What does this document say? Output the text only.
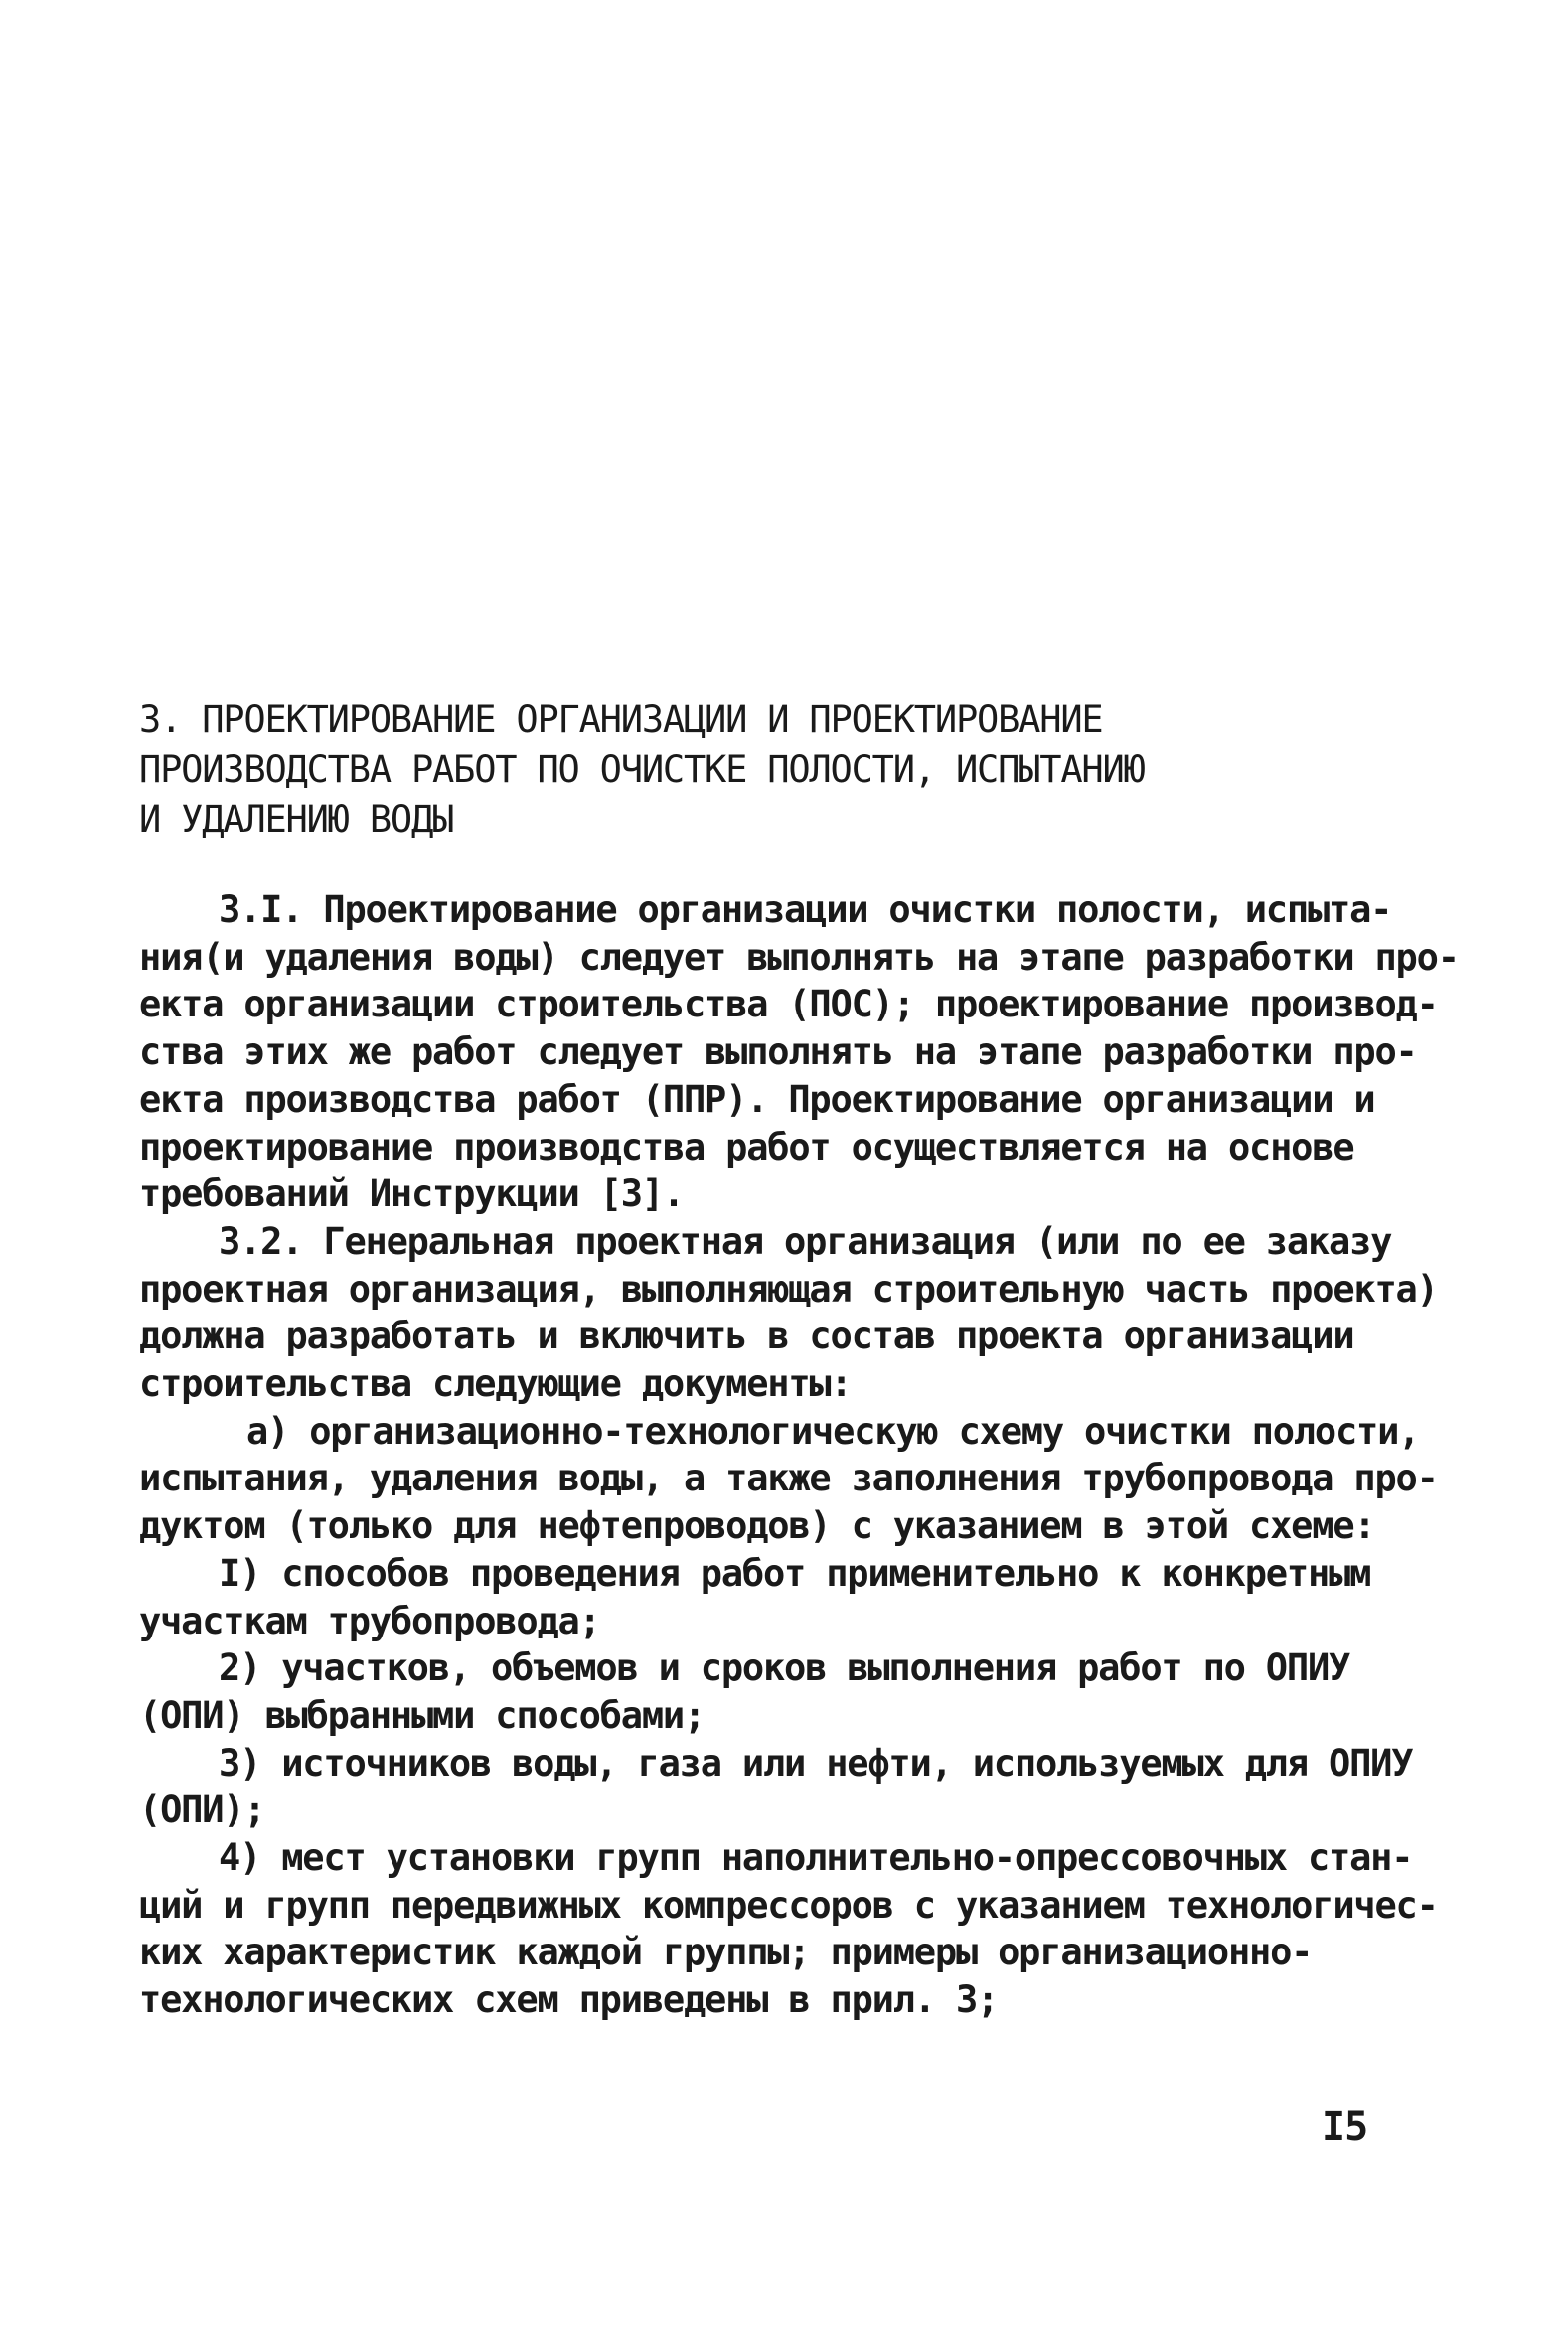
3. ПРОЕКТИРОВАНИЕ ОРГАНИЗАЦИИ И ПРОЕКТИРОВАНИЕ
ПРОИЗВОДСТВА РАБОТ ПО ОЧИСТКЕ ПОЛОСТИ, ИСПЫТАНИЮ
И УДАЛЕНИЮ ВОДЫ
3.I. Проектирование организации очистки полости, испыта-
ния(и удаления воды) следует выполнять на этапе разработки про-
екта организации строительства (ПОС); проектирование производ-
ства этих же работ следует выполнять на этапе разработки про-
екта производства работ (ППР). Проектирование организации и
проектирование производства работ осуществляется на основе
требований Инструкции [3].
3.2. Генеральная проектная организация (или по ее заказу
проектная организация, выполняющая строительную часть проекта)
должна разработать и включить в состав проекта организации
строительства следующие документы:
а) организационно-технологическую схему очистки полости,
испытания, удаления воды, а также заполнения трубопровода про-
дуктом (только для нефтепроводов) с указанием в этой схеме:
I) способов проведения работ применительно к конкретным
участкам трубопровода;
2) участков, объемов и сроков выполнения работ по ОПИУ
(ОПИ) выбранными способами;
3) источников воды, газа или нефти, используемых для ОПИУ
(ОПИ);
4) мест установки групп наполнительно-опрессовочных стан-
ций и групп передвижных компрессоров с указанием технологичес-
ких характеристик каждой группы; примеры организационно-
технологических схем приведены в прил. 3;
I5
